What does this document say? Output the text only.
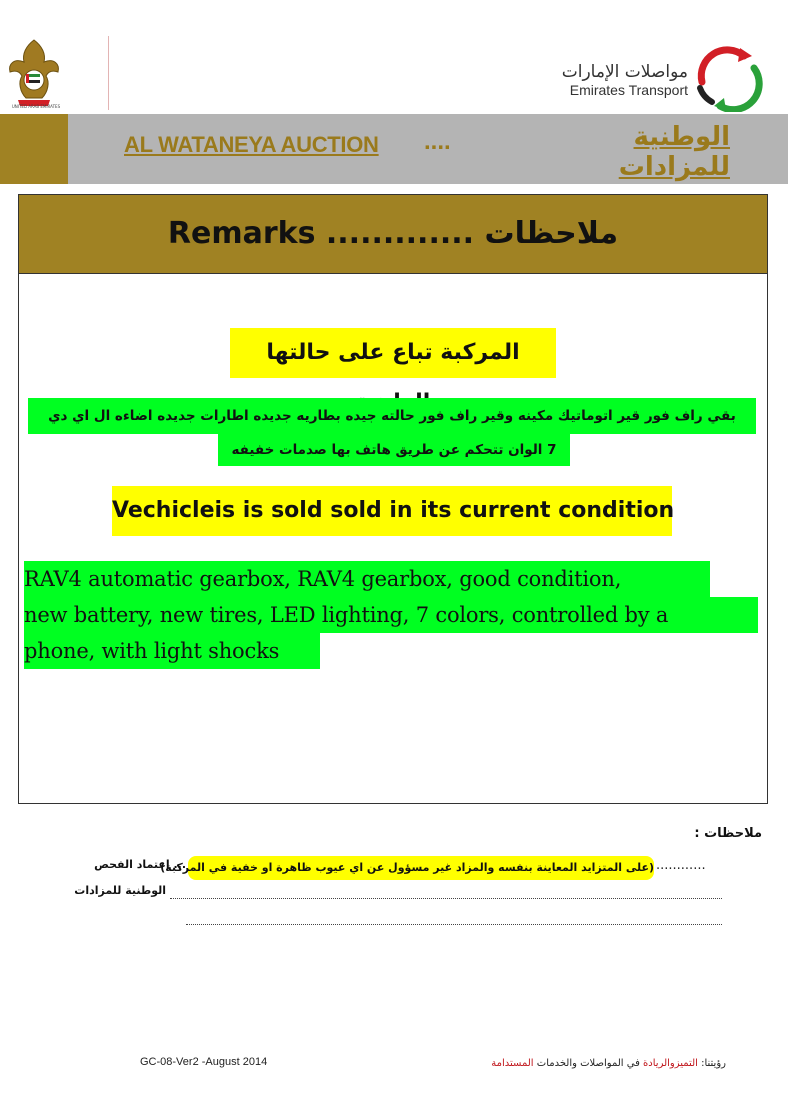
UNITED ARAB EMIRATES
مواصلات الإمارات
Emirates Transport
AL WATANEYA AUCTION ....	الوطنية للمزادات
Remarks ............. ملاحظات
المركبة تباع على حالتها
بقي راف فور قير اتوماتيك مكينه وقير راف فور حالته جيده بطاريه جديده اطارات جديده اضاءه ال اي دي
7 الوان تتحكم عن طريق هاتف بها صدمات خفيفه
Vechicleis is sold sold in its current condition
RAV4 automatic gearbox, RAV4 gearbox, good condition,
new battery, new tires, LED lighting, 7 colors, controlled by a
phone, with light shocks
ملاحظات :
............
(على المتزايد المعاينة بنفسه والمزاد غير مسؤول عن اي عيوب ظاهرة او خفية في المركبة)
... إعتماد الفحص
الوطنية للمزادات
GC-08-Ver2 -August 2014	رؤيتنا: التميزوالريادة في المواصلات والخدمات المستدامة
